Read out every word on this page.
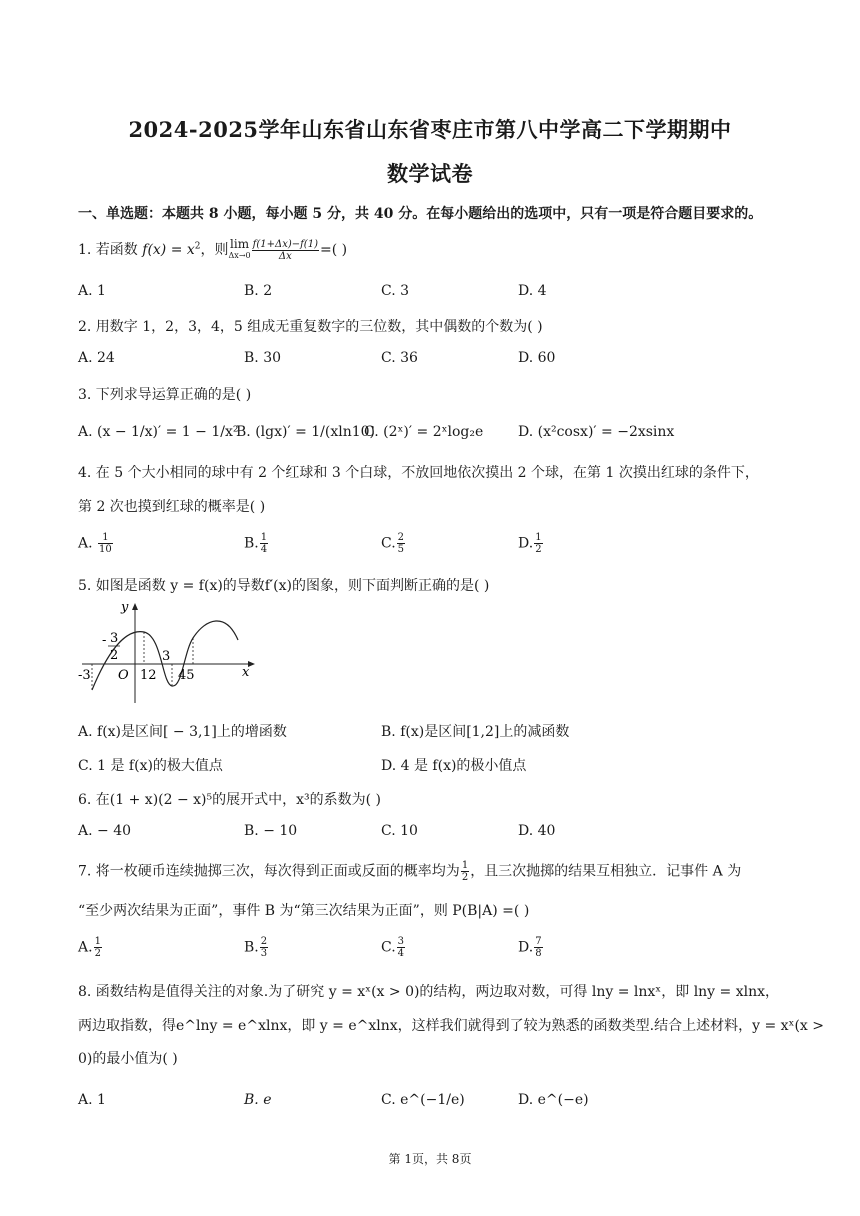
2024-2025学年山东省山东省枣庄市第八中学高二下学期期中
数学试卷
一、单选题：本题共 8 小题，每小题 5 分，共 40 分。在每小题给出的选项中，只有一项是符合题目要求的。
1. 若函数 $f(x) = x^2$，则 lim
$\Delta x\to 0 \frac{f(1+\Delta x)-f(1)}{\Delta x}$ =( )
A. 1	B. 2	C. 3	D. 4
2. 用数字 1，2，3，4，5 组成无重复数字的三位数，其中偶数的个数为( )
A. 24	B. 30	C. 36	D. 60
3. 下列求导运算正确的是( )
A. (x − 1/x)′ = 1 − 1/x²
B. (lgx)′ = 1/(xln10)
C. (2ˣ)′ = 2ˣlog₂e D. (x²cosx)′ = −2xsinx
4. 在 5 个大小相同的球中有 2 个红球和 3 个白球，不放回地依次摸出 2 个球，在第 1 次摸出红球的条件下，
第 2 次也摸到红球的概率是( )
A. $\frac{1}{10}$	B. $\frac{1}{4}$	C. $\frac{2}{5}$	D. $\frac{1}{2}$
5. 如图是函数 y = f(x)的导数f′(x)的图象，则下面判断正确的是( )
y
x
-3 O
- 3
2
12
3
45
A. f(x)是区间[ − 3,1]上的增函数	B. f(x)是区间[1,2]上的减函数
C. 1 是 f(x)的极大值点	D. 4 是 f(x)的极小值点
6. 在(1 + x)(2 − x)⁵的展开式中，x³的系数为( )
A. − 40	B. − 10	C. 10	D. 40
7. 将一枚硬币连续抛掷三次，每次得到正面或反面的概率均为 $\frac{1}{2}$ ，且三次抛掷的结果互相独立．记事件 A 为
“至少两次结果为正面”，事件 B 为“第三次结果为正面”，则 P(B|A) =( )
A. $\frac{1}{2}$	B. $\frac{2}{3}$	C. $\frac{3}{4}$	D. $\frac{7}{8}$
8. 函数结构是值得关注的对象.为了研究 y = xˣ(x > 0)的结构，两边取对数，可得 lny = lnxˣ，即 lny = xlnx，
两边取指数，得e^lny = e^xlnx，即 y = e^xlnx，这样我们就得到了较为熟悉的函数类型.结合上述材料，y = xˣ(x >
0)的最小值为( )
A. 1	B. e	C. e^(−1/e)	D. e^(−e)
第 1页，共 8页
